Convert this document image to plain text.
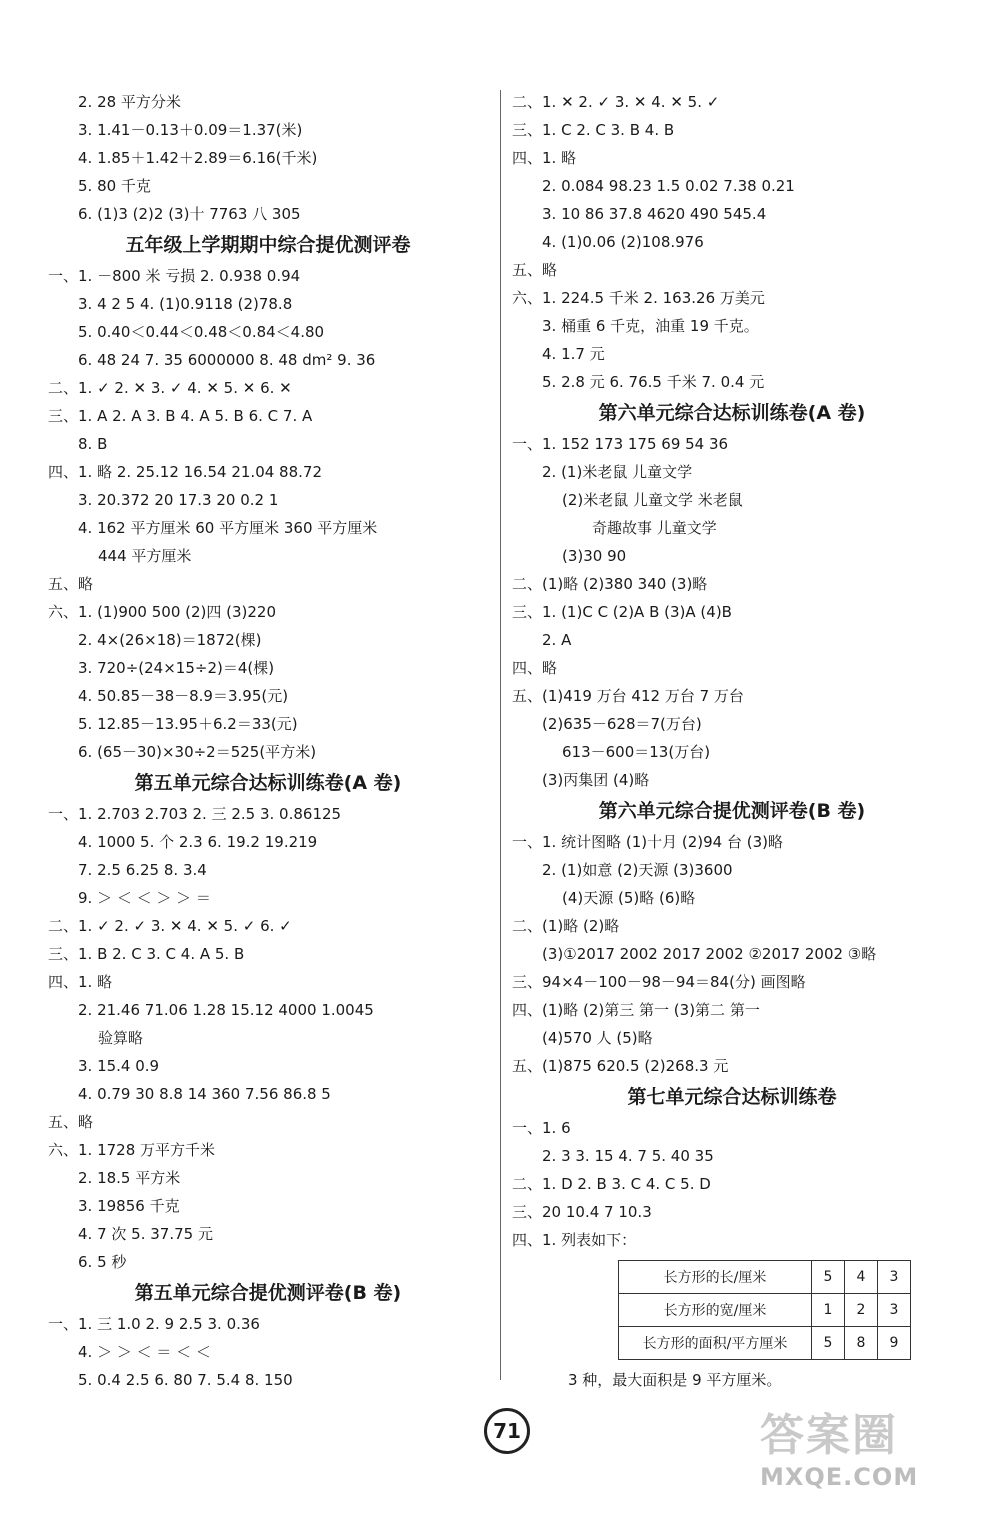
2. 28 平方分米
3. 1.41－0.13＋0.09＝1.37(米)
4. 1.85＋1.42＋2.89＝6.16(千米)
5. 80 千克
6. (1)3 (2)2 (3)十 7763 八 305
五年级上学期期中综合提优测评卷
一、1. －800 米 亏损 2. 0.938 0.94
3. 4 2 5 4. (1)0.9118 (2)78.8
5. 0.40＜0.44＜0.48＜0.84＜4.80
6. 48 24 7. 35 6000000 8. 48 dm² 9. 36
二、1. ✓ 2. ✕ 3. ✓ 4. ✕ 5. ✕ 6. ✕
三、1. A 2. A 3. B 4. A 5. B 6. C 7. A
8. B
四、1. 略 2. 25.12 16.54 21.04 88.72
3. 20.372 20 17.3 20 0.2 1
4. 162 平方厘米 60 平方厘米 360 平方厘米
444 平方厘米
五、略
六、1. (1)900 500 (2)四 (3)220
2. 4×(26×18)＝1872(棵)
3. 720÷(24×15÷2)＝4(棵)
4. 50.85－38－8.9＝3.95(元)
5. 12.85－13.95＋6.2＝33(元)
6. (65－30)×30÷2＝525(平方米)
第五单元综合达标训练卷(A 卷)
一、1. 2.703 2.703 2. 三 2.5 3. 0.86125
4. 1000 5. 个 2.3 6. 19.2 19.219
7. 2.5 6.25 8. 3.4
9. ＞ ＜ ＜ ＞ ＞ ＝
二、1. ✓ 2. ✓ 3. ✕ 4. ✕ 5. ✓ 6. ✓
三、1. B 2. C 3. C 4. A 5. B
四、1. 略
2. 21.46 71.06 1.28 15.12 4000 1.0045
验算略
3. 15.4 0.9
4. 0.79 30 8.8 14 360 7.56 86.8 5
五、略
六、1. 1728 万平方千米
2. 18.5 平方米
3. 19856 千克
4. 7 次 5. 37.75 元
6. 5 秒
第五单元综合提优测评卷(B 卷)
一、1. 三 1.0 2. 9 2.5 3. 0.36
4. ＞ ＞ ＜ ＝ ＜ ＜
5. 0.4 2.5 6. 80 7. 5.4 8. 150
二、1. ✕ 2. ✓ 3. ✕ 4. ✕ 5. ✓
三、1. C 2. C 3. B 4. B
四、1. 略
2. 0.084 98.23 1.5 0.02 7.38 0.21
3. 10 86 37.8 4620 490 545.4
4. (1)0.06 (2)108.976
五、略
六、1. 224.5 千米 2. 163.26 万美元
3. 桶重 6 千克，油重 19 千克。
4. 1.7 元
5. 2.8 元 6. 76.5 千米 7. 0.4 元
第六单元综合达标训练卷(A 卷)
一、1. 152 173 175 69 54 36
2. (1)米老鼠 儿童文学
(2)米老鼠 儿童文学 米老鼠
奇趣故事 儿童文学
(3)30 90
二、(1)略 (2)380 340 (3)略
三、1. (1)C C (2)A B (3)A (4)B
2. A
四、略
五、(1)419 万台 412 万台 7 万台
(2)635－628＝7(万台)
613－600＝13(万台)
(3)丙集团 (4)略
第六单元综合提优测评卷(B 卷)
一、1. 统计图略 (1)十月 (2)94 台 (3)略
2. (1)如意 (2)天源 (3)3600
(4)天源 (5)略 (6)略
二、(1)略 (2)略
(3)①2017 2002 2017 2002 ②2017 2002 ③略
三、94×4－100－98－94＝84(分) 画图略
四、(1)略 (2)第三 第一 (3)第二 第一
(4)570 人 (5)略
五、(1)875 620.5 (2)268.3 元
第七单元综合达标训练卷
一、1. 6
2. 3 3. 15 4. 7 5. 40 35
二、1. D 2. B 3. C 4. C 5. D
三、20 10.4 7 10.3
四、1. 列表如下：
长方形的长/厘米	5	4	3
长方形的宽/厘米	1	2	3
长方形的面积/平方厘米	5	8	9
3 种，最大面积是 9 平方厘米。
71	答案圈
MXQE.COM
